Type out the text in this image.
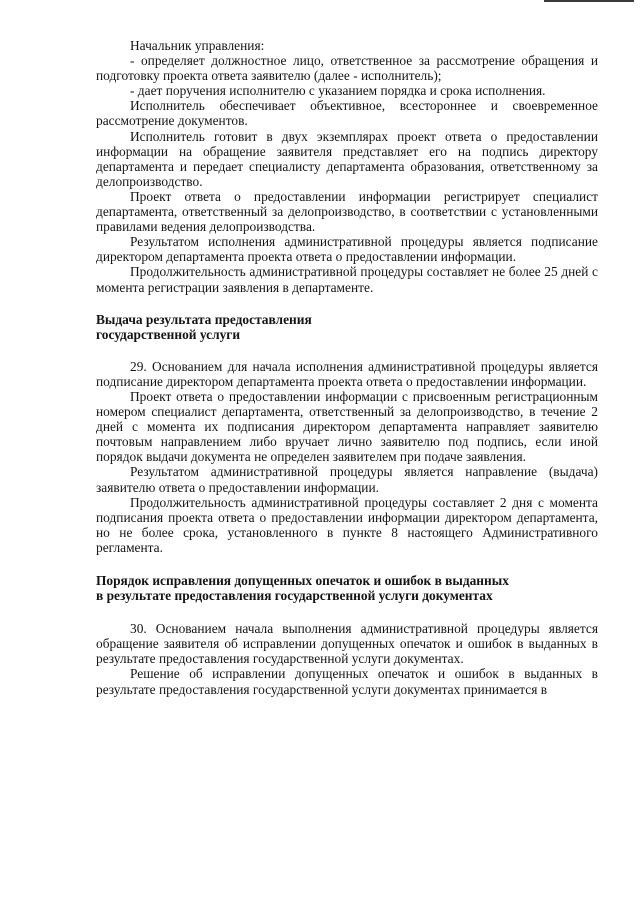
Начальник управления:

- определяет должностное лицо, ответственное за рассмотрение обращения и подготовку проекта ответа заявителю (далее - исполнитель);

- дает поручения исполнителю с указанием порядка и срока исполнения.

Исполнитель обеспечивает объективное, всестороннее и своевременное рассмотрение документов.

Исполнитель готовит в двух экземплярах проект ответа о предоставлении информации на обращение заявителя представляет его на подпись директору департамента и передает специалисту департамента образования, ответственному за делопроизводство.

Проект ответа о предоставлении информации регистрирует специалист департамента, ответственный за делопроизводство, в соответствии с установленными правилами ведения делопроизводства.

Результатом исполнения административной процедуры является подписание директором департамента проекта ответа о предоставлении информации.

Продолжительность административной процедуры составляет не более 25 дней с момента регистрации заявления в департаменте.

Выдача результата предоставления

государственной услуги

29. Основанием для начала исполнения административной процедуры является подписание директором департамента проекта ответа о предоставлении информации.

Проект ответа о предоставлении информации с присвоенным регистрационным номером специалист департамента, ответственный за делопроизводство, в течение 2 дней с момента их подписания директором департамента направляет заявителю почтовым направлением либо вручает лично заявителю под подпись, если иной порядок выдачи документа не определен заявителем при подаче заявления.

Результатом административной процедуры является направление (выдача) заявителю ответа о предоставлении информации.

Продолжительность административной процедуры составляет 2 дня с момента подписания проекта ответа о предоставлении информации директором департамента, но не более срока, установленного в пункте 8 настоящего Административного регламента.

Порядок исправления допущенных опечаток и ошибок в выданных

в результате предоставления государственной услуги документах

30. Основанием начала выполнения административной процедуры является обращение заявителя об исправлении допущенных опечаток и ошибок в выданных в результате предоставления государственной услуги документах.

Решение об исправлении допущенных опечаток и ошибок в выданных в результате предоставления государственной услуги документах принимается в
